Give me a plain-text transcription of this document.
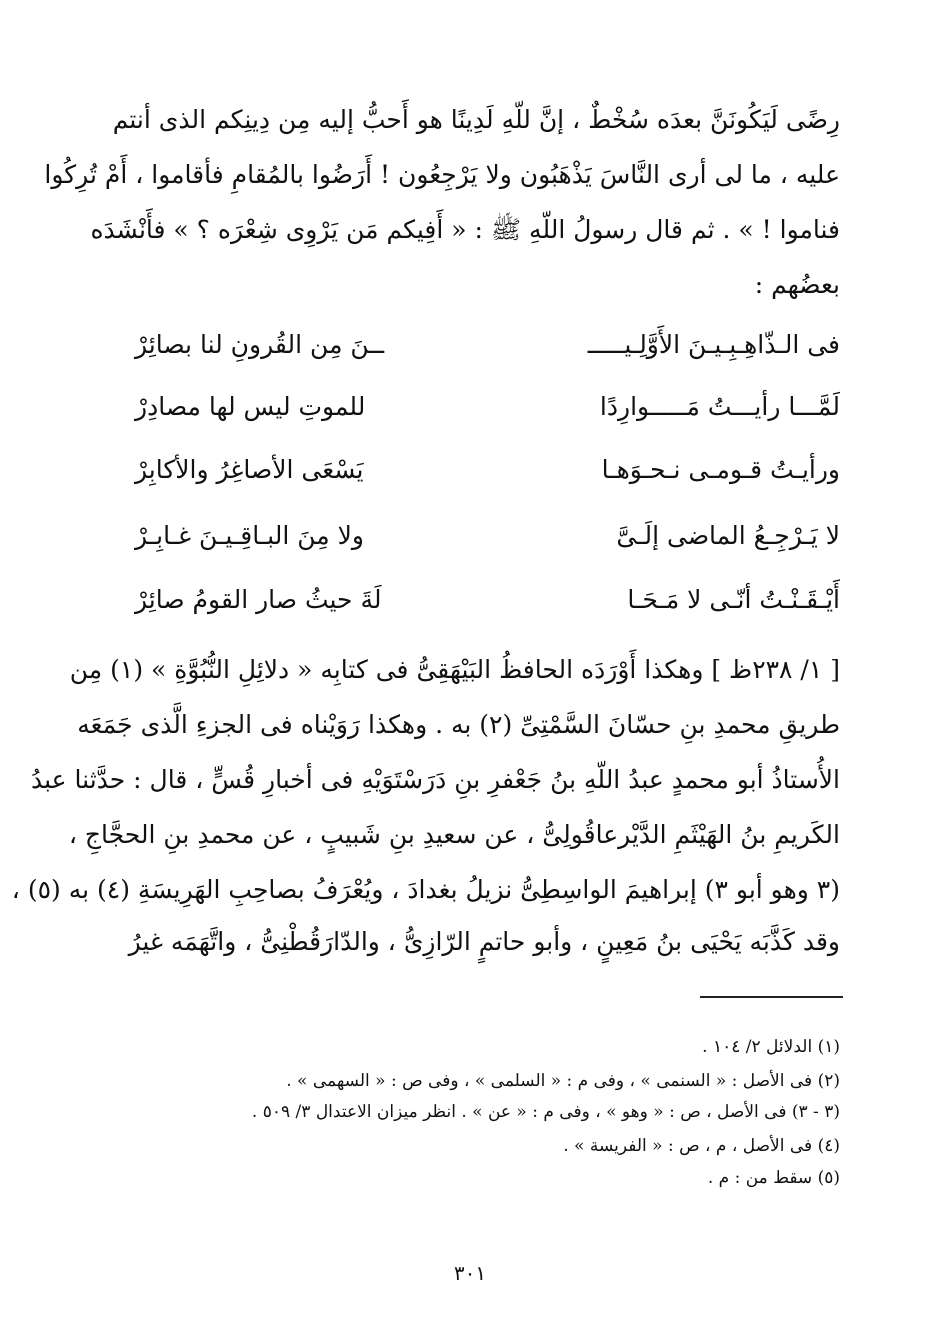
رِضًى لَيَكُونَنَّ بعدَه سُخْطٌ ، إنَّ للّهِ لَدِينًا هو أَحبُّ إليه مِن دِينِكم الذى أنتم
عليه ، ما لى أرى النَّاسَ يَذْهَبُون ولا يَرْجِعُون ! أَرَضُوا بالمُقامِ فأقاموا ، أَمْ تُرِكُوا
فناموا ! » . ثم قال رسولُ اللّهِ ﷺ : « أَفِيكم مَن يَرْوِى شِعْرَه ؟ » فأَنْشَدَه
بعضُهم :
فى الـذّاهِـبِـيـنَ الأَوَّلِـيـــــ
ــنَ مِن القُرونِ لنا بصائِرْ
لَمَّـــا رأيـــتُ مَـــــوارِدًا
للموتِ ليس لها مصادِرْ
ورأيـتُ قـومـى نـحـوَهـا
يَسْعَى الأصاغِرُ والأكابِرْ
لا يَـرْجِـعُ الماضى إلَـىَّ
ولا مِنَ البـاقِـيـنَ غـابِـرْ
أَيْـقَـنْـتُ أنّـى لا مَـحَـا
لَةَ حيثُ صار القومُ صائِرْ
[ ١/ ٢٣٨ظ ] وهكذا أَوْرَدَه الحافظُ البَيْهَقِىُّ فى كتابِه « دلائِلِ النُّبُوَّةِ » (١) مِن
طريقِ محمدِ بنِ حسّانَ السَّمْتِىِّ (٢) به . وهكذا رَوَيْناه فى الجزءِ الَّذى جَمَعَه
الأُستاذُ أبو محمدٍ عبدُ اللّهِ بنُ جَعْفرِ بنِ دَرَسْتَوَيْهِ فى أخبارِ قُسٍّ ، قال : حدَّثنا عبدُ
الكَريمِ بنُ الهَيْثَمِ الدَّيْرعاقُولِىُّ ، عن سعيدِ بنِ شَبيبٍ ، عن محمدِ بنِ الحجَّاجِ ،
(٣ وهو أبو ٣) إبراهيمَ الواسِطِىُّ نزيلُ بغدادَ ، ويُعْرَفُ بصاحِبِ الهَرِيسَةِ (٤) به (٥) ،
وقد كَذَّبَه يَحْيَى بنُ مَعِينٍ ، وأبو حاتمٍ الرّازِىُّ ، والدّارَقُطْنِىُّ ، واتَّهَمَه غيرُ
(١) الدلائل ٢/ ١٠٤ .
(٢) فى الأصل : « السنمى » ، وفى م : « السلمى » ، وفى ص : « السهمى » .
(٣ - ٣) فى الأصل ، ص : « وهو » ، وفى م : « عن » . انظر ميزان الاعتدال ٣/ ٥٠٩ .
(٤) فى الأصل ، م ، ص : « الفريسة » .
(٥) سقط من : م .
٣٠١
